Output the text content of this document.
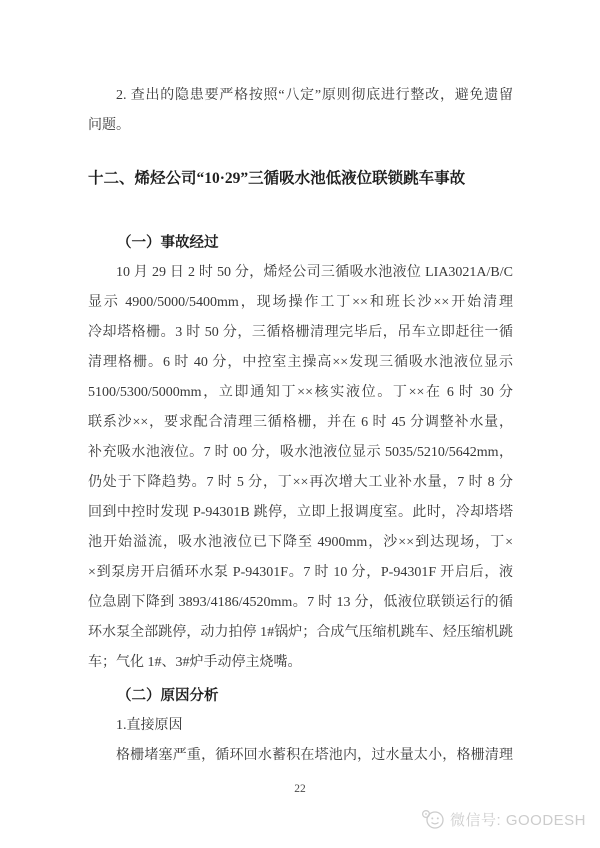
2. 查出的隐患要严格按照“八定”原则彻底进行整改，避免遗留
问题。
十二、烯烃公司“10·29”三循吸水池低液位联锁跳车事故
（一）事故经过
10 月 29 日 2 时 50 分，烯烃公司三循吸水池液位 LIA3021A/B/C
显示 4900/5000/5400mm，现场操作工丁××和班长沙××开始清理
冷却塔格栅。3 时 50 分，三循格栅清理完毕后，吊车立即赶往一循
清理格栅。6 时 40 分，中控室主操高××发现三循吸水池液位显示
5100/5300/5000mm，立即通知丁××核实液位。丁××在 6 时 30 分
联系沙××，要求配合清理三循格栅，并在 6 时 45 分调整补水量，
补充吸水池液位。7 时 00 分，吸水池液位显示 5035/5210/5642mm，
仍处于下降趋势。7 时 5 分，丁××再次增大工业补水量，7 时 8 分
回到中控时发现 P-94301B 跳停，立即上报调度室。此时，冷却塔塔
池开始溢流，吸水池液位已下降至 4900mm，沙××到达现场，丁×
×到泵房开启循环水泵 P-94301F。7 时 10 分，P-94301F 开启后，液
位急剧下降到 3893/4186/4520mm。7 时 13 分，低液位联锁运行的循
环水泵全部跳停，动力拍停 1#锅炉；合成气压缩机跳车、烃压缩机跳
车；气化 1#、3#炉手动停主烧嘴。
（二）原因分析
1.直接原因
格栅堵塞严重，循环回水蓄积在塔池内，过水量太小，格栅清理
22
微信号: GOODESH
